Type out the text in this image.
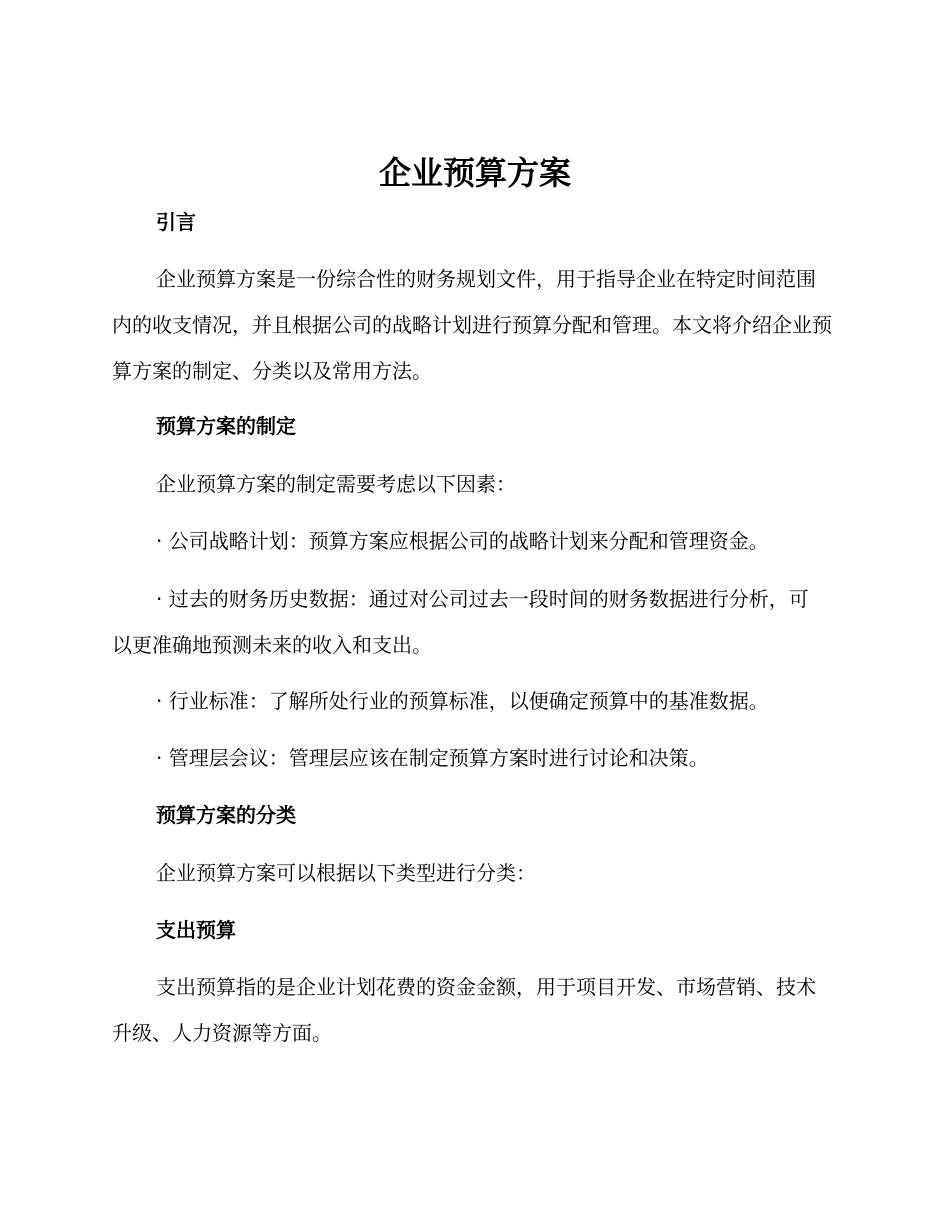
企业预算方案

引言

企业预算方案是一份综合性的财务规划文件，用于指导企业在特定时间范围内的收支情况，并且根据公司的战略计划进行预算分配和管理。本文将介绍企业预算方案的制定、分类以及常用方法。

预算方案的制定

企业预算方案的制定需要考虑以下因素：

· 公司战略计划：预算方案应根据公司的战略计划来分配和管理资金。

· 过去的财务历史数据：通过对公司过去一段时间的财务数据进行分析，可以更准确地预测未来的收入和支出。

· 行业标准：了解所处行业的预算标准，以便确定预算中的基准数据。

· 管理层会议：管理层应该在制定预算方案时进行讨论和决策。

预算方案的分类

企业预算方案可以根据以下类型进行分类：

支出预算

支出预算指的是企业计划花费的资金金额，用于项目开发、市场营销、技术升级、人力资源等方面。
